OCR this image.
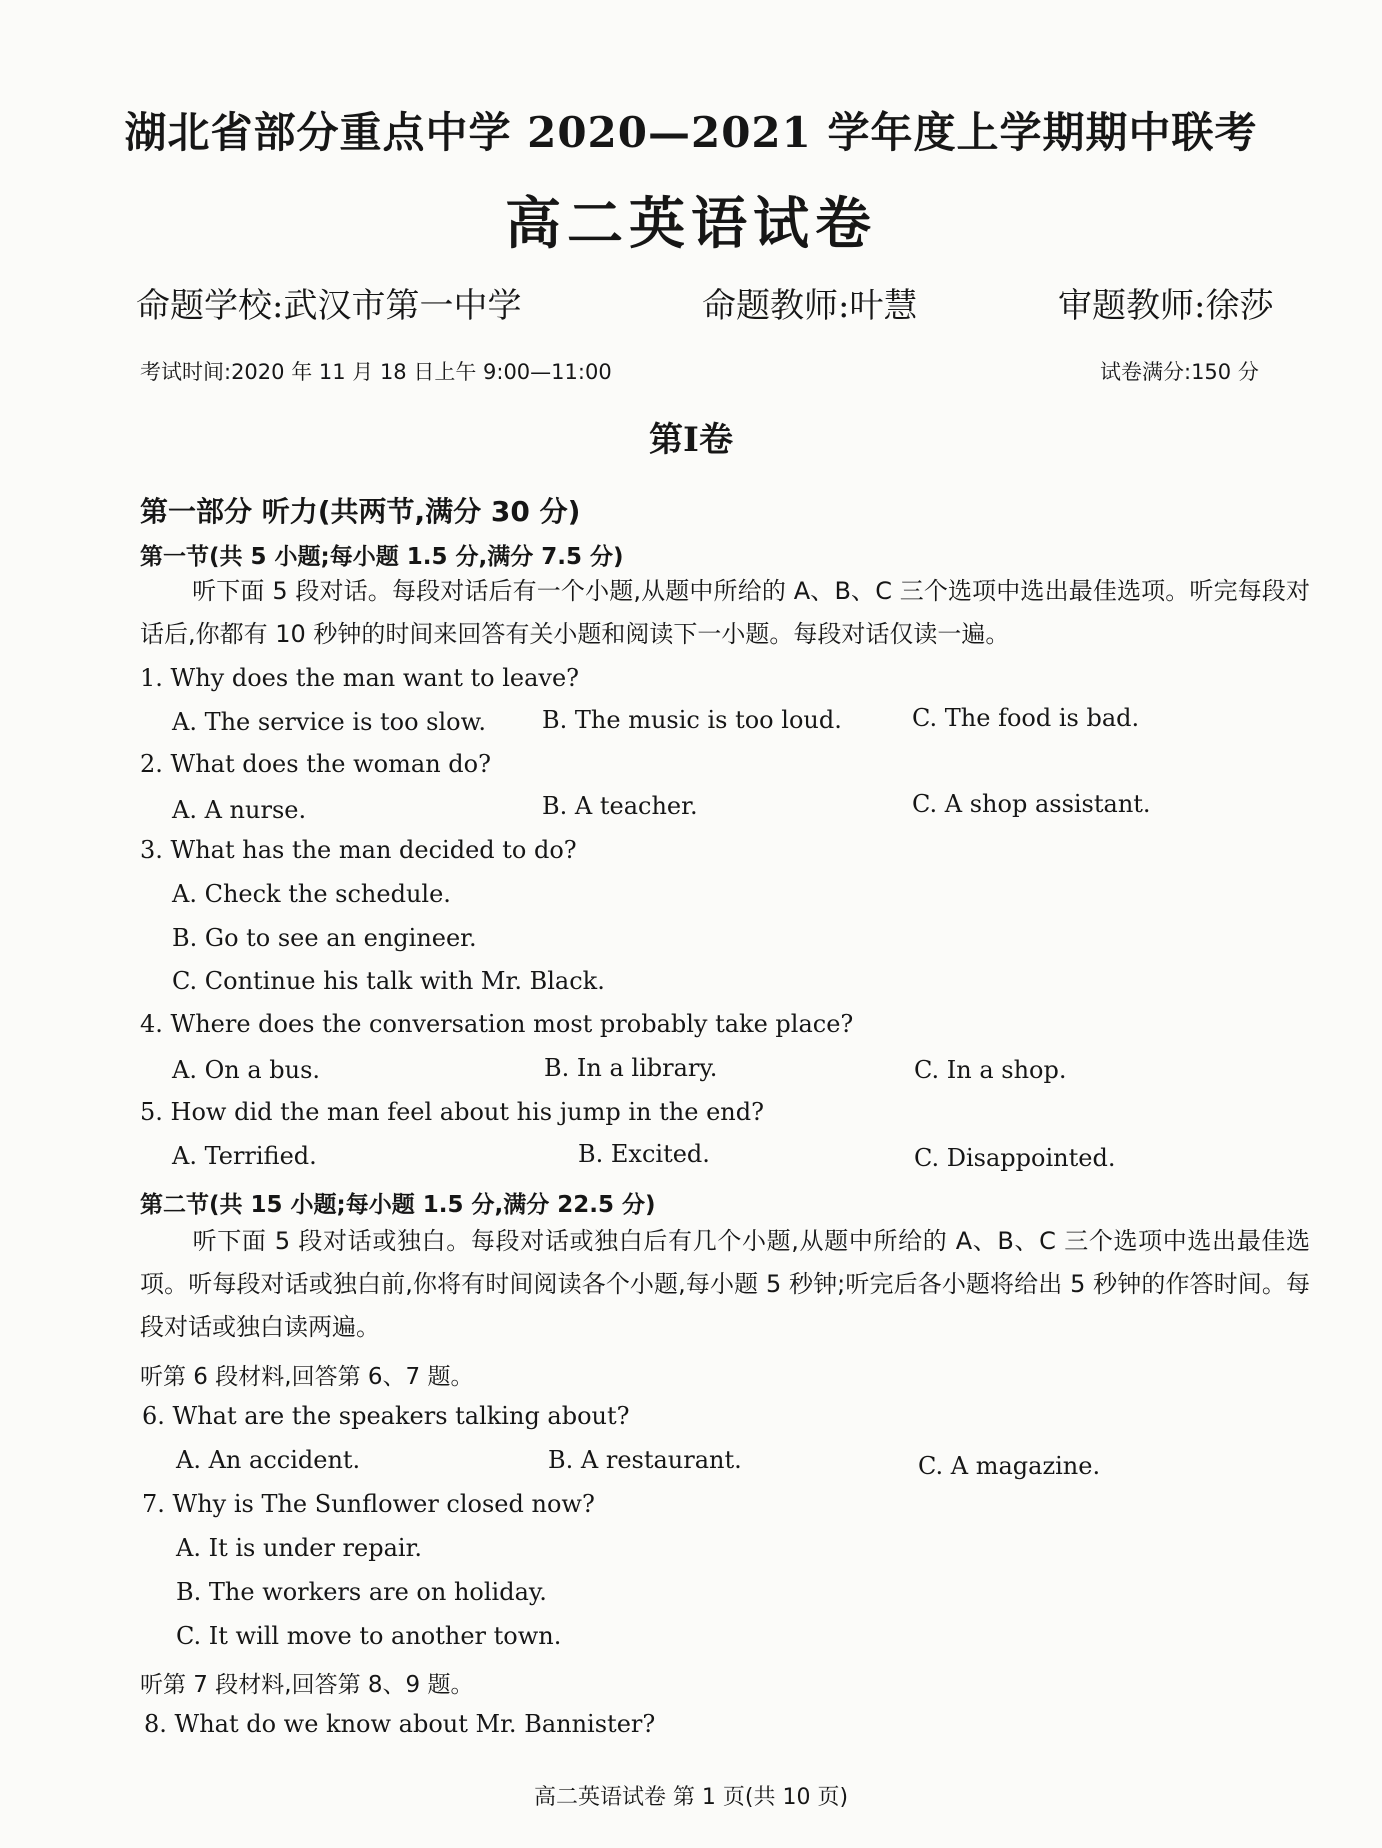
湖北省部分重点中学 2020—2021 学年度上学期期中联考
高二英语试卷
命题学校:武汉市第一中学	命题教师:叶慧	审题教师:徐莎
考试时间:2020 年 11 月 18 日上午 9:00—11:00	试卷满分:150 分
第Ⅰ卷
第一部分 听力(共两节,满分 30 分)
第一节(共 5 小题;每小题 1.5 分,满分 7.5 分)
听下面 5 段对话。每段对话后有一个小题,从题中所给的 A、B、C 三个选项中选出最佳选项。听完每段对话后,你都有 10 秒钟的时间来回答有关小题和阅读下一小题。每段对话仅读一遍。
1. Why does the man want to leave?
A. The service is too slow. B. The music is too loud.	C. The food is bad.
2. What does the woman do?
A. A nurse.	B. A teacher.	C. A shop assistant.
3. What has the man decided to do?
A. Check the schedule.
B. Go to see an engineer.
C. Continue his talk with Mr. Black.
4. Where does the conversation most probably take place?
A. On a bus.	B. In a library.	C. In a shop.
5. How did the man feel about his jump in the end?
A. Terrified.	B. Excited.	C. Disappointed.
第二节(共 15 小题;每小题 1.5 分,满分 22.5 分)
听下面 5 段对话或独白。每段对话或独白后有几个小题,从题中所给的 A、B、C 三个选项中选出最佳选项。听每段对话或独白前,你将有时间阅读各个小题,每小题 5 秒钟;听完后各小题将给出 5 秒钟的作答时间。每段对话或独白读两遍。
听第 6 段材料,回答第 6、7 题。
6. What are the speakers talking about?
A. An accident.	B. A restaurant.	C. A magazine.
7. Why is The Sunflower closed now?
A. It is under repair.
B. The workers are on holiday.
C. It will move to another town.
听第 7 段材料,回答第 8、9 题。
8. What do we know about Mr. Bannister?
高二英语试卷 第 1 页(共 10 页)
